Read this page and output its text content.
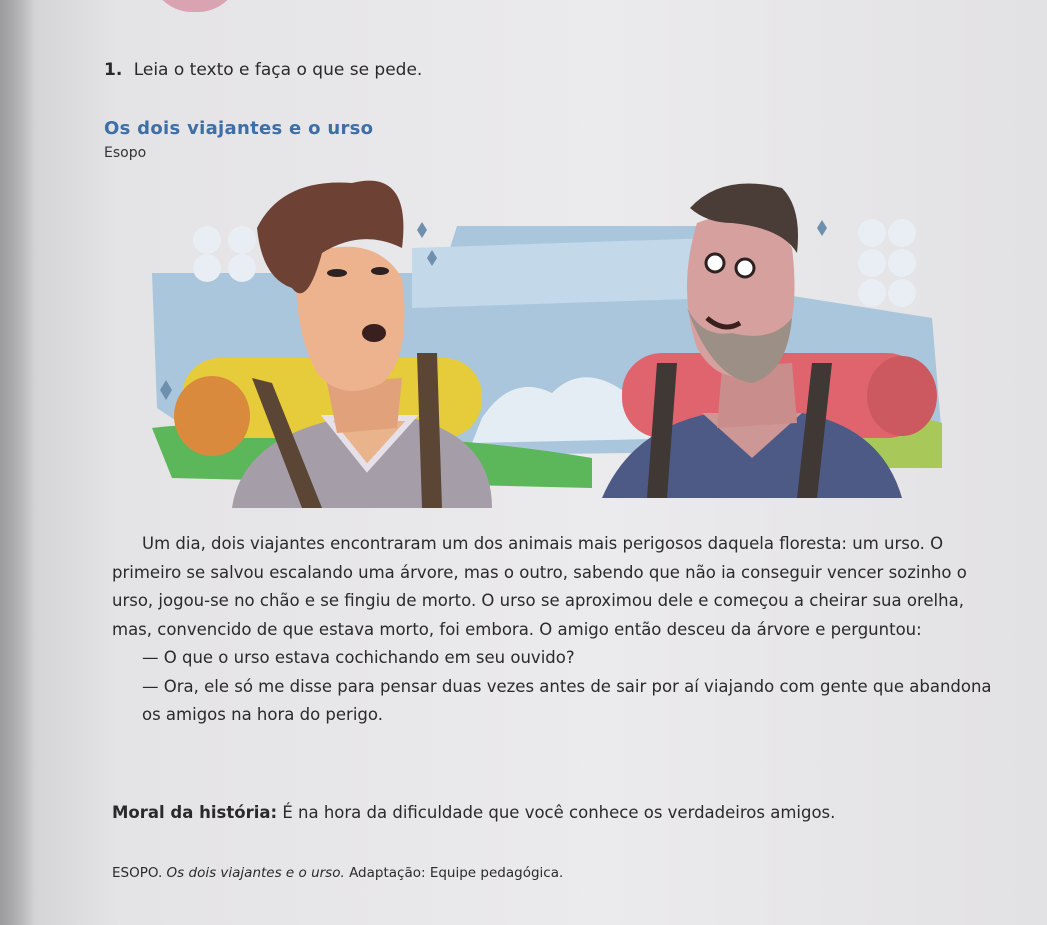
1. Leia o texto e faça o que se pede.
Os dois viajantes e o urso
Esopo

Um dia, dois viajantes encontraram um dos animais mais perigosos daquela floresta: um urso. O primeiro se salvou escalando uma árvore, mas o outro, sabendo que não ia conseguir vencer sozinho o urso, jogou-se no chão e se fingiu de morto. O urso se aproximou dele e começou a cheirar sua orelha, mas, convencido de que estava morto, foi embora. O amigo então desceu da árvore e perguntou:

— O que o urso estava cochichando em seu ouvido?

— Ora, ele só me disse para pensar duas vezes antes de sair por aí viajando com gente que abandona os amigos na hora do perigo.

Moral da história: É na hora da dificuldade que você conhece os verdadeiros amigos.
ESOPO. Os dois viajantes e o urso. Adaptação: Equipe pedagógica.
